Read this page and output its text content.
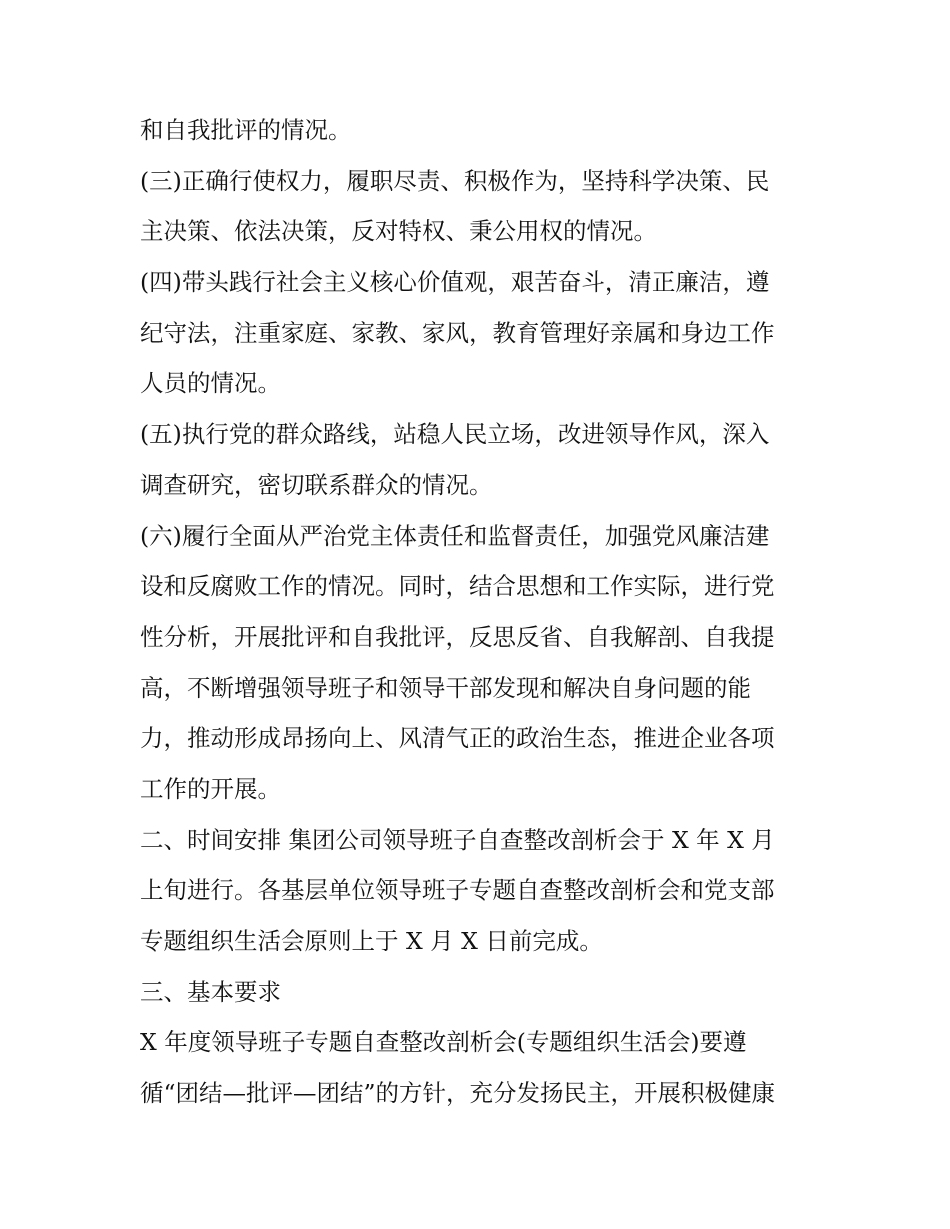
和自我批评的情况。
(三)正确行使权力，履职尽责、积极作为，坚持科学决策、民
主决策、依法决策，反对特权、秉公用权的情况。
(四)带头践行社会主义核心价值观，艰苦奋斗，清正廉洁，遵
纪守法，注重家庭、家教、家风，教育管理好亲属和身边工作
人员的情况。
(五)执行党的群众路线，站稳人民立场，改进领导作风，深入
调查研究，密切联系群众的情况。
(六)履行全面从严治党主体责任和监督责任，加强党风廉洁建
设和反腐败工作的情况。同时，结合思想和工作实际，进行党
性分析，开展批评和自我批评，反思反省、自我解剖、自我提
高，不断增强领导班子和领导干部发现和解决自身问题的能
力，推动形成昂扬向上、风清气正的政治生态，推进企业各项
工作的开展。
二、时间安排 集团公司领导班子自查整改剖析会于 X 年 X 月
上旬进行。各基层单位领导班子专题自查整改剖析会和党支部
专题组织生活会原则上于 X 月 X 日前完成。
三、基本要求
X 年度领导班子专题自查整改剖析会(专题组织生活会)要遵
循“团结—批评—团结”的方针，充分发扬民主，开展积极健康
